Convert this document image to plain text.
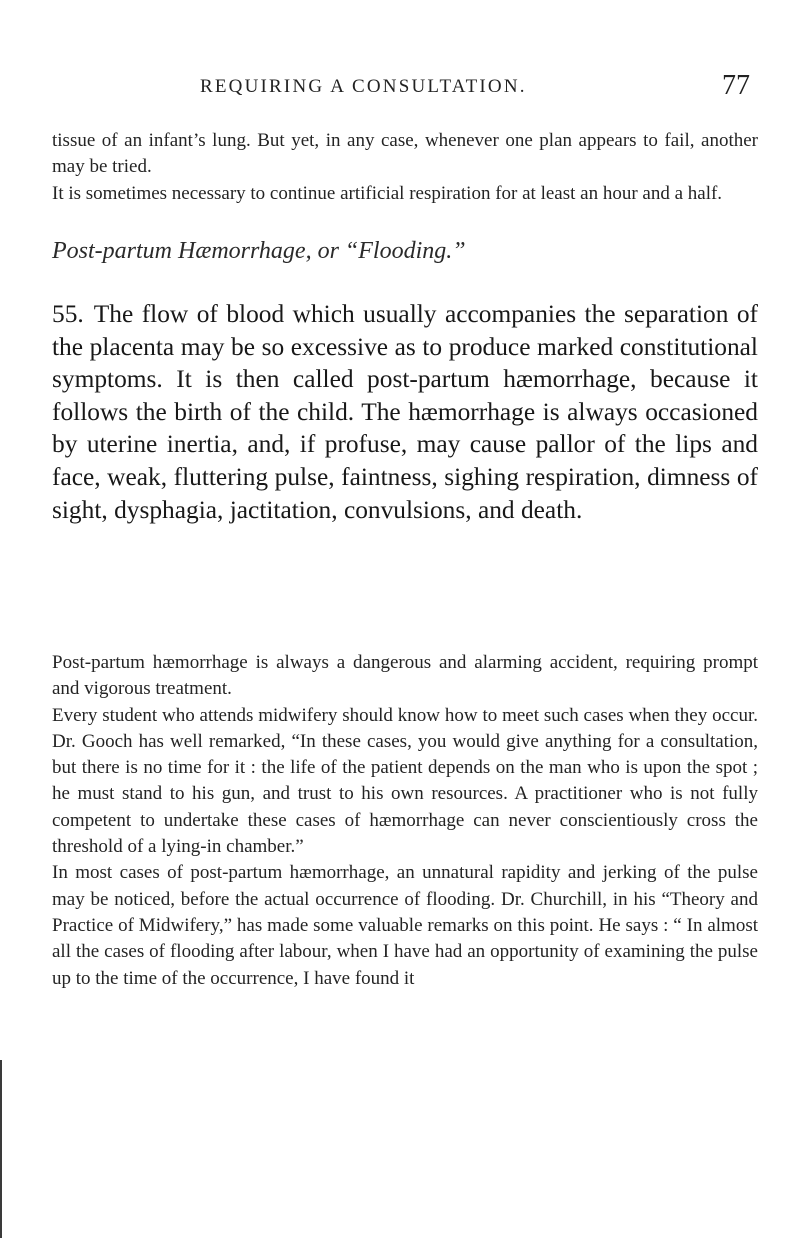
REQUIRING A CONSULTATION.	77

tissue of an infant’s lung. But yet, in any case, whenever one plan appears to fail, another may be tried.

It is sometimes necessary to continue artificial respiration for at least an hour and a half.

Post-partum Hæmorrhage, or “Flooding.”

55. The flow of blood which usually accompanies the separation of the placenta may be so excessive as to produce marked constitutional symptoms. It is then called post-partum hæmorrhage, because it follows the birth of the child. The hæmorrhage is always occasioned by uterine inertia, and, if profuse, may cause pallor of the lips and face, weak, fluttering pulse, faintness, sighing respiration, dimness of sight, dysphagia, jactitation, convulsions, and death.

Post-partum hæmorrhage is always a dangerous and alarming accident, requiring prompt and vigorous treatment.

Every student who attends midwifery should know how to meet such cases when they occur. Dr. Gooch has well remarked, “In these cases, you would give anything for a consultation, but there is no time for it : the life of the patient depends on the man who is upon the spot ; he must stand to his gun, and trust to his own resources. A practitioner who is not fully competent to undertake these cases of hæmorrhage can never conscientiously cross the threshold of a lying-in chamber.”

In most cases of post-partum hæmorrhage, an unnatural rapidity and jerking of the pulse may be noticed, before the actual occurrence of flooding. Dr. Churchill, in his “Theory and Practice of Midwifery,” has made some valuable remarks on this point. He says : “ In almost all the cases of flooding after labour, when I have had an opportunity of examining the pulse up to the time of the occurrence, I have found it
